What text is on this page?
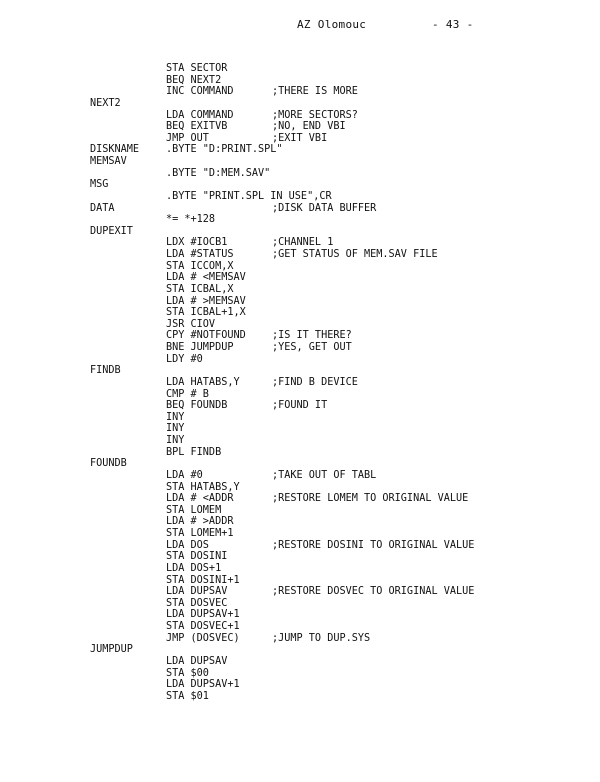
AZ Olomouc	- 43 -
STA SECTOR
BEQ NEXT2
INC COMMAND	;THERE IS MORE
NEXT2
LDA COMMAND	;MORE SECTORS?
BEQ EXITVB	;NO, END VBI
JMP OUT	;EXIT VBI
DISKNAME	.BYTE "D:PRINT.SPL"
MEMSAV
.BYTE "D:MEM.SAV"
MSG
.BYTE "PRINT.SPL IN USE",CR
DATA	;DISK DATA BUFFER
*= *+128
DUPEXIT
LDX #IOCB1	;CHANNEL 1
LDA #STATUS	;GET STATUS OF MEM.SAV FILE
STA ICCOM,X
LDA # <MEMSAV
STA ICBAL,X
LDA # >MEMSAV
STA ICBAL+1,X
JSR CIOV
CPY #NOTFOUND	;IS IT THERE?
BNE JUMPDUP	;YES, GET OUT
LDY #0
FINDB
LDA HATABS,Y	;FIND B DEVICE
CMP # B
BEQ FOUNDB	;FOUND IT
INY
INY
INY
BPL FINDB
FOUNDB
LDA #0	;TAKE OUT OF TABL
STA HATABS,Y
LDA # <ADDR	;RESTORE LOMEM TO ORIGINAL VALUE
STA LOMEM
LDA # >ADDR
STA LOMEM+1
LDA DOS	;RESTORE DOSINI TO ORIGINAL VALUE
STA DOSINI
LDA DOS+1
STA DOSINI+1
LDA DUPSAV	;RESTORE DOSVEC TO ORIGINAL VALUE
STA DOSVEC
LDA DUPSAV+1
STA DOSVEC+1
JMP (DOSVEC)	;JUMP TO DUP.SYS
JUMPDUP
LDA DUPSAV
STA $00
LDA DUPSAV+1
STA $01
